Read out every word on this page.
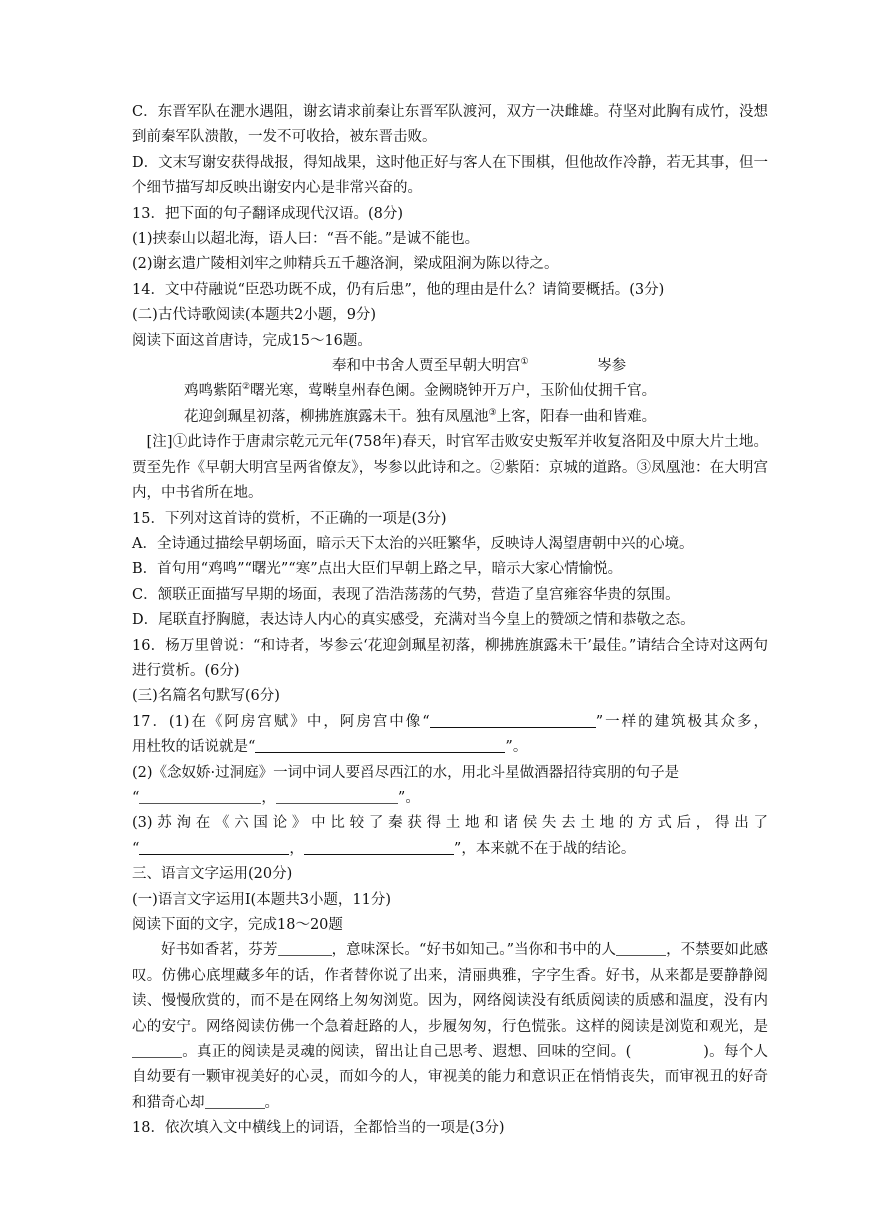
C．东晋军队在淝水遇阻，谢玄请求前秦让东晋军队渡河，双方一决雌雄。苻坚对此胸有成竹，没想到前秦军队溃散，一发不可收拾，被东晋击败。

D．文末写谢安获得战报，得知战果，这时他正好与客人在下围棋，但他故作冷静，若无其事，但一个细节描写却反映出谢安内心是非常兴奋的。

13．把下面的句子翻译成现代汉语。(8分)

(1)挟泰山以超北海，语人曰：“吾不能。”是诚不能也。

(2)谢玄遣广陵相刘牢之帅精兵五千趣洛涧，梁成阻涧为陈以待之。

14．文中苻融说“臣恐功既不成，仍有后患”，他的理由是什么？请简要概括。(3分)

(二)古代诗歌阅读(本题共2小题，9分)

阅读下面这首唐诗，完成15～16题。

奉和中书舍人贾至早朝大明宫①	岑参

鸡鸣紫陌②曙光寒，莺啭皇州春色阑。金阙晓钟开万户，玉阶仙仗拥千官。

花迎剑珮星初落，柳拂旌旗露未干。独有凤凰池③上客，阳春一曲和皆难。

[注]①此诗作于唐肃宗乾元元年(758年)春天，时官军击败安史叛军并收复洛阳及中原大片土地。贾至先作《早朝大明宫呈两省僚友》，岑参以此诗和之。②紫陌：京城的道路。③凤凰池：在大明宫内，中书省所在地。

15．下列对这首诗的赏析，不正确的一项是(3分)

A．全诗通过描绘早朝场面，暗示天下太治的兴旺繁华，反映诗人渴望唐朝中兴的心境。

B．首句用“鸡鸣”“曙光”“寒”点出大臣们早朝上路之早，暗示大家心情愉悦。

C．颔联正面描写早期的场面，表现了浩浩荡荡的气势，营造了皇宫雍容华贵的氛围。

D．尾联直抒胸臆，表达诗人内心的真实感受，充满对当今皇上的赞颂之情和恭敬之态。

16．杨万里曾说：“和诗者，岑参云‘花迎剑珮星初落，柳拂旌旗露未干’最佳。”请结合全诗对这两句进行赏析。(6分)

(三)名篇名句默写(6分)

17．(1)在《阿房宫赋》中，阿房宫中像“	”一样的建筑极其众多，

用杜牧的话说就是“	”。

(2)《念奴娇·过洞庭》一词中词人要舀尽西江的水，用北斗星做酒器招待宾朋的句子是

“	，	”。

(3)苏洵在《六国论》中比较了秦获得土地和诸侯失去土地的方式后，得出了

“	，	”，本来就不在于战的结论。

三、语言文字运用(20分)

(一)语言文字运用Ⅰ(本题共3小题，11分)

阅读下面的文字，完成18～20题

好书如香茗，芬芳	，意味深长。“好书如知己。”当你和书中的人	，不禁要如此感叹。仿佛心底埋藏多年的话，作者替你说了出来，清丽典雅，字字生香。好书，从来都是要静静阅读、慢慢欣赏的，而不是在网络上匆匆浏览。因为，网络阅读没有纸质阅读的质感和温度，没有内心的安宁。网络阅读仿佛一个急着赶路的人，步履匆匆，行色慌张。这样的阅读是浏览和观光，是。真正的阅读是灵魂的阅读，留出让自己思考、遐想、回味的空间。(	)。每个人自幼要有一颗审视美好的心灵，而如今的人，审视美的能力和意识正在悄悄丧失，而审视丑的好奇和猎奇心却	。

18．依次填入文中横线上的词语，全都恰当的一项是(3分)
